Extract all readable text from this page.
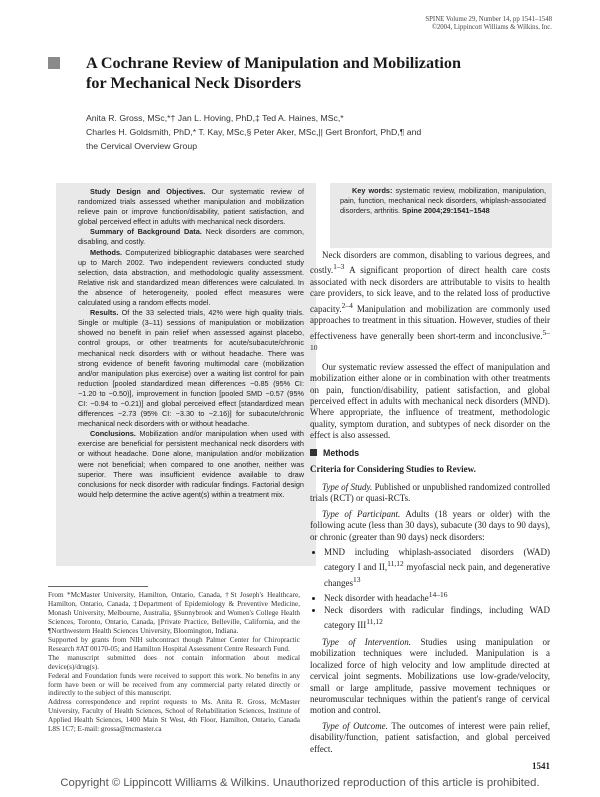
SPINE Volume 29, Number 14, pp 1541–1548
©2004, Lippincott Williams & Wilkins, Inc.
A Cochrane Review of Manipulation and Mobilization
for Mechanical Neck Disorders
Anita R. Gross, MSc,*† Jan L. Hoving, PhD,‡ Ted A. Haines, MSc,*
Charles H. Goldsmith, PhD,* T. Kay, MSc,§ Peter Aker, MSc,|| Gert Bronfort, PhD,¶ and
the Cervical Overview Group

Study Design and Objectives. Our systematic review of randomized trials assessed whether manipulation and mobilization relieve pain or improve function/disability, patient satisfaction, and global perceived effect in adults with mechanical neck disorders.

Summary of Background Data. Neck disorders are common, disabling, and costly.

Methods. Computerized bibliographic databases were searched up to March 2002. Two independent reviewers conducted study selection, data abstraction, and methodologic quality assessment. Relative risk and standardized mean differences were calculated. In the absence of heterogeneity, pooled effect measures were calculated using a random effects model.

Results. Of the 33 selected trials, 42% were high quality trials. Single or multiple (3–11) sessions of manipulation or mobilization showed no benefit in pain relief when assessed against placebo, control groups, or other treatments for acute/subacute/chronic mechanical neck disorders with or without headache. There was strong evidence of benefit favoring multimodal care (mobilization and/or manipulation plus exercise) over a waiting list control for pain reduction [pooled standardized mean differences −0.85 (95% CI: −1.20 to −0.50)], improvement in function [pooled SMD −0.57 (95% CI: −0.94 to −0.21)] and global perceived effect [standardized mean differences −2.73 (95% CI: −3.30 to −2.16)] for subacute/chronic mechanical neck disorders with or without headache.

Conclusions. Mobilization and/or manipulation when used with exercise are beneficial for persistent mechanical neck disorders with or without headache. Done alone, manipulation and/or mobilization were not beneficial; when compared to one another, neither was superior. There was insufficient evidence available to draw conclusions for neck disorder with radicular findings. Factorial design would help determine the active agent(s) within a treatment mix.

Key words: systematic review, mobilization, manipulation, pain, function, mechanical neck disorders, whiplash-associated disorders, arthritis. Spine 2004;29:1541–1548

Neck disorders are common, disabling to various degrees, and costly.$^{1-3}$ A significant proportion of direct health care costs associated with neck disorders are attributable to visits to health care providers, to sick leave, and to the related loss of productive capacity.$^{2-4}$ Manipulation and mobilization are commonly used approaches to treatment in this situation. However, studies of their effectiveness have generally been short-term and inconclusive.$^{5-10}$

Our systematic review assessed the effect of manipulation and mobilization either alone or in combination with other treatments on pain, function/disability, patient satisfaction, and global perceived effect in adults with mechanical neck disorders (MND). Where appropriate, the influence of treatment, methodologic quality, symptom duration, and subtypes of neck disorder on the effect is also assessed.

Methods
Criteria for Considering Studies to Review.

Type of Study. Published or unpublished randomized controlled trials (RCT) or quasi-RCTs.

Type of Participant. Adults (18 years or older) with the following acute (less than 30 days), subacute (30 days to 90 days), or chronic (greater than 90 days) neck disorders:

• MND including whiplash-associated disorders (WAD) category I and II,$^{11,12}$ myofascial neck pain, and degenerative changes$^{13}$
• Neck disorder with headache$^{14-16}$
• Neck disorders with radicular findings, including WAD category III$^{11,12}$

Type of Intervention. Studies using manipulation or mobilization techniques were included. Manipulation is a localized force of high velocity and low amplitude directed at cervical joint segments. Mobilizations use low-grade/velocity, small or large amplitude, passive movement techniques or neuromuscular techniques within the patient's range of cervical motion and control.

Type of Outcome. The outcomes of interest were pain relief, disability/function, patient satisfaction, and global perceived effect.

From *McMaster University, Hamilton, Ontario, Canada, †St Joseph's Healthcare, Hamilton, Ontario, Canada, ‡Department of Epidemiology & Preventive Medicine, Monash University, Melbourne, Australia, §Sunnybrook and Women's College Health Sciences, Toronto, Ontario, Canada, ||Private Practice, Belleville, California, and the ¶Northwestern Health Sciences University, Bloomington, Indiana.

Supported by grants from NIH subcontract though Palmer Center for Chiropractic Research #AT 00170-05; and Hamilton Hospital Assessment Centre Research Fund.

The manuscript submitted does not contain information about medical device(s)/drug(s).

Federal and Foundation funds were received to support this work. No benefits in any form have been or will be received from any commercial party related directly or indirectly to the subject of this manuscript.

Address correspondence and reprint requests to Ms. Anita R. Gross, McMaster University, Faculty of Health Sciences, School of Rehabilitation Sciences, Institute of Applied Health Sciences, 1400 Main St West, 4th Floor, Hamilton, Ontario, Canada L8S 1C7; E-mail: grossa@mcmaster.ca

1541
Copyright © Lippincott Williams & Wilkins. Unauthorized reproduction of this article is prohibited.
